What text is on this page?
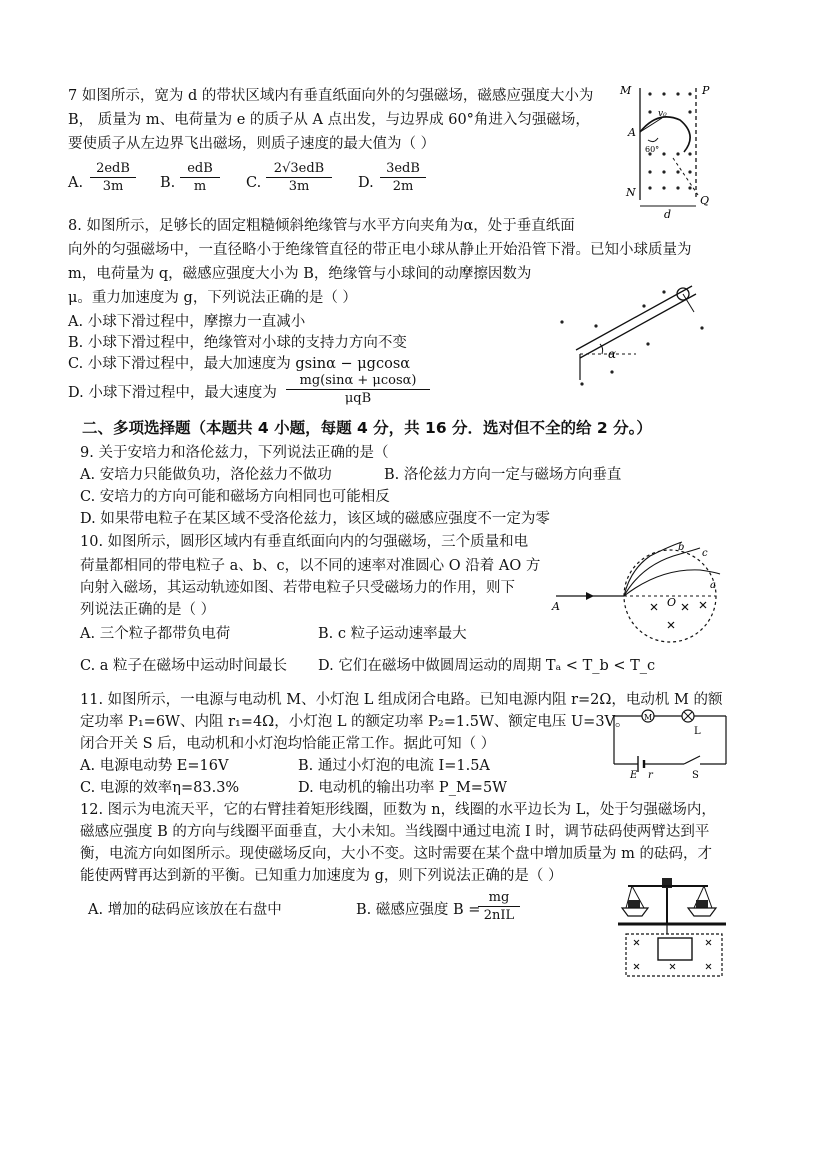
7 如图所示，宽为 d 的带状区域内有垂直纸面向外的匀强磁场，磁感应强度大小为
B， 质量为 m、电荷量为 e 的质子从 A 点出发，与边界成 60°角进入匀强磁场，
要使质子从左边界飞出磁场，则质子速度的最大值为（ ）
A.
2edB
3m	B.
edB
m	C.
2√3edB
3m	D.
3edB
2m
M	P
A
v₀
60°
N
Q
d
8. 如图所示，足够长的固定粗糙倾斜绝缘管与水平方向夹角为α，处于垂直纸面
向外的匀强磁场中，一直径略小于绝缘管直径的带正电小球从静止开始沿管下滑。已知小球质量为
m，电荷量为 q，磁感应强度大小为 B，绝缘管与小球间的动摩擦因数为
μ。重力加速度为 g，下列说法正确的是（ ）
A. 小球下滑过程中，摩擦力一直减小
B. 小球下滑过程中，绝缘管对小球的支持力方向不变
C. 小球下滑过程中，最大加速度为 gsinα − μgcosα
D. 小球下滑过程中，最大速度为
mg(sinα + μcosα)
μqB
α
二、多项选择题（本题共 4 小题，每题 4 分，共 16 分．选对但不全的给 2 分。）
9. 关于安培力和洛伦兹力，下列说法正确的是（
A. 安培力只能做负功，洛伦兹力不做功	B. 洛伦兹力方向一定与磁场方向垂直
C. 安培力的方向可能和磁场方向相同也可能相反
D. 如果带电粒子在某区域不受洛伦兹力，该区域的磁感应强度不一定为零
10. 如图所示，圆形区域内有垂直纸面向内的匀强磁场，三个质量和电
荷量都相同的带电粒子 a、b、c，以不同的速率对准圆心 O 沿着 AO 方
向射入磁场，其运动轨迹如图、若带电粒子只受磁场力的作用，则下
列说法正确的是（ ）
A. 三个粒子都带负电荷	B. c 粒子运动速率最大
C. a 粒子在磁场中运动时间最长 D. 它们在磁场中做圆周运动的周期 Tₐ < T_b < T_c
A	O
b
c
a
11. 如图所示，一电源与电动机 M、小灯泡 L 组成闭合电路。已知电源内阻 r=2Ω，电动机 M 的额
定功率 P₁=6W、内阻 r₁=4Ω，小灯泡 L 的额定功率 P₂=1.5W、额定电压 U=3V。
闭合开关 S 后，电动机和小灯泡均恰能正常工作。据此可知（ ）
A. 电源电动势 E=16V	B. 通过小灯泡的电流 I=1.5A
C. 电源的效率η=83.3%	D. 电动机的输出功率 P_M=5W
M
L
E r	S
12. 图示为电流天平，它的右臂挂着矩形线圈，匝数为 n，线圈的水平边长为 L，处于匀强磁场内，
磁感应强度 B 的方向与线圈平面垂直，大小未知。当线圈中通过电流 I 时，调节砝码使两臂达到平
衡，电流方向如图所示。现使磁场反向，大小不变。这时需要在某个盘中增加质量为 m 的砝码，才
能使两臂再达到新的平衡。已知重力加速度为 g，则下列说法正确的是（ ）
A. 增加的砝码应该放在右盘中	B. 磁感应强度 B =
mg
2nIL
